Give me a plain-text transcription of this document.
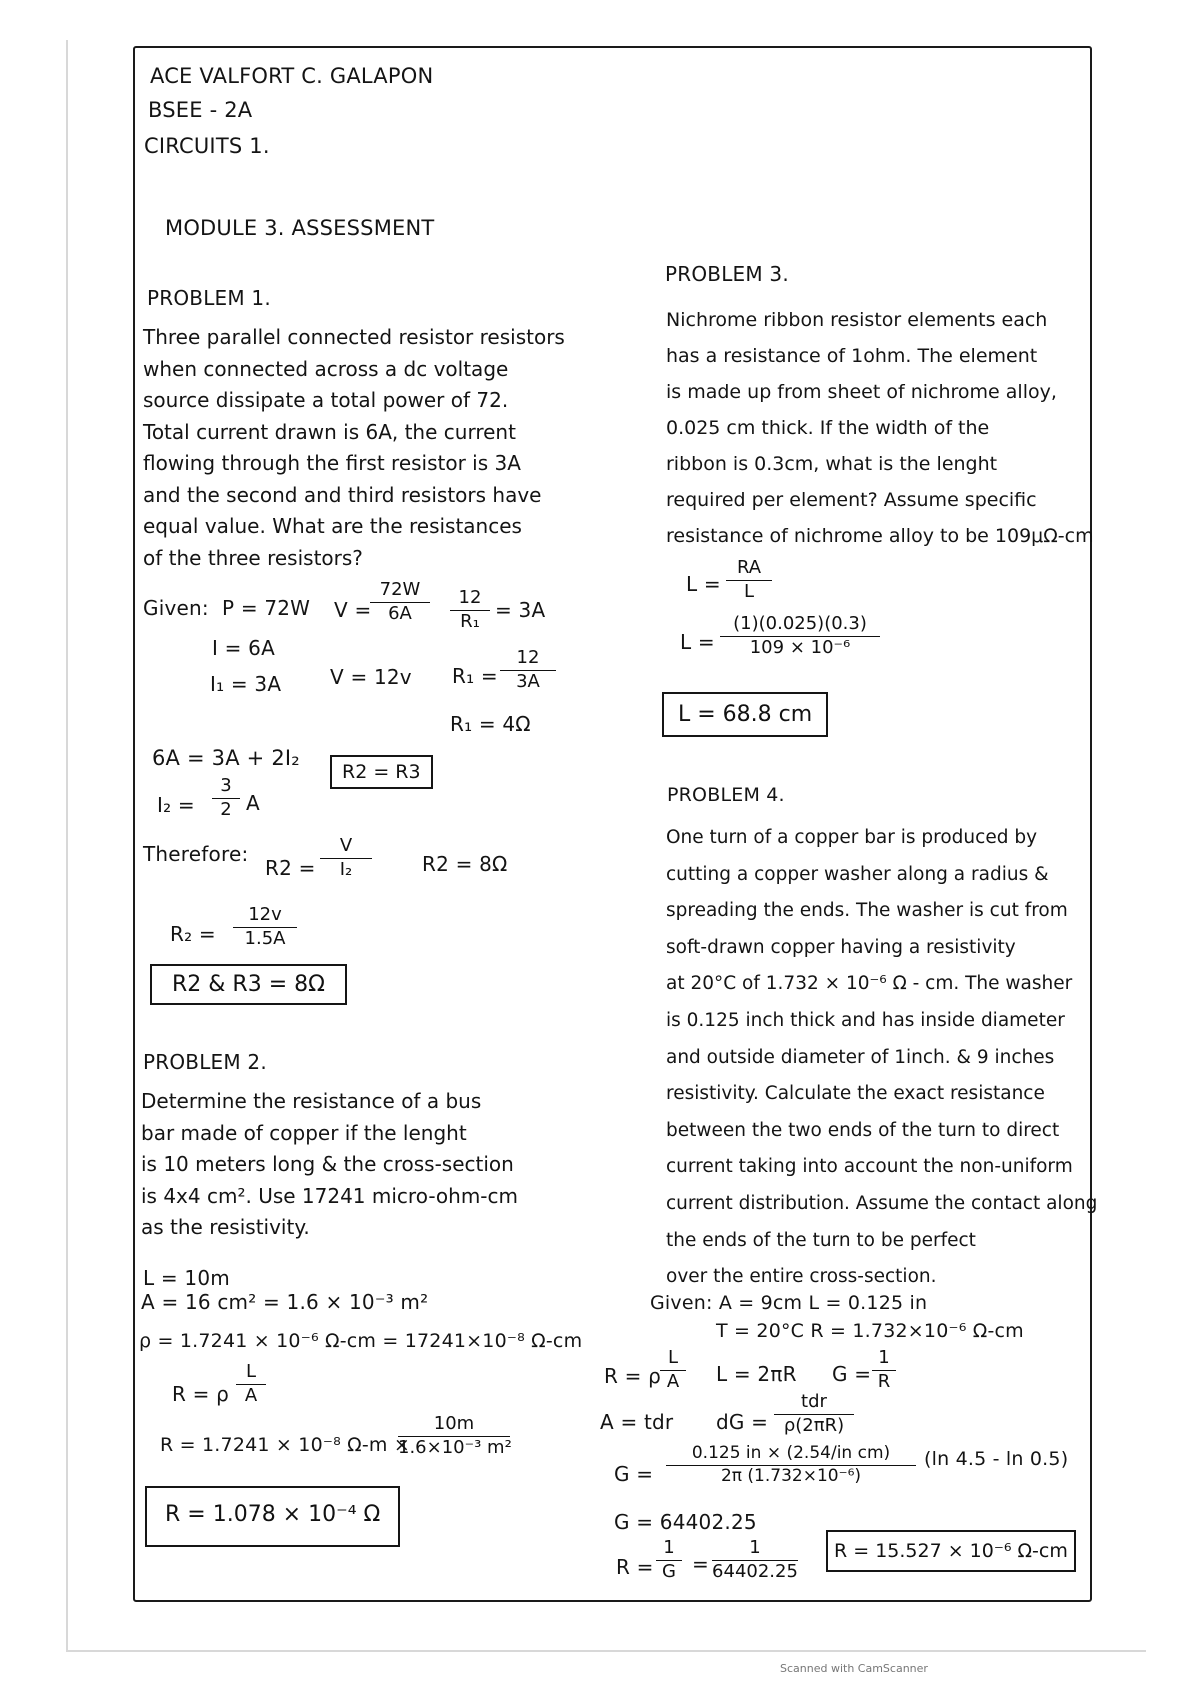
ACE VALFORT C. GALAPON
BSEE - 2A
CIRCUITS 1.
MODULE 3. ASSESSMENT
PROBLEM 1.
Three parallel connected resistor resistors
when connected across a dc voltage
source dissipate a total power of 72.
Total current drawn is 6A, the current
flowing through the first resistor is 3A
and the second and third resistors have
equal value. What are the resistances
of the three resistors?
Given: P = 72W
I = 6A
I₁ = 3A
V =
$\frac{72W}{6A}$
V = 12v
$\frac{12}{\text{R₁}} = 3A$
$R_1 = \frac{12}{3A}$
R₁ = 4Ω
6A = 3A + 2I₂
$I_2 = \frac{3}{2}$ A
R2 = R3
Therefore:
$R2 = \frac{V}{\text{I₂}}$	R2 = 8Ω
$R_2 = \frac{12v}{1.5A}$
R2 & R3 = 8Ω
PROBLEM 2.
Determine the resistance of a bus
bar made of copper if the lenght
is 10 meters long & the cross-section
is 4x4 cm². Use 17241 micro-ohm-cm
as the resistivity.
L = 10m
A = 16 cm² = 1.6 × 10⁻³ m²
ρ = 1.7241 × 10⁻⁶ Ω-cm = 17241×10⁻⁸ Ω-cm
R = ρ $\frac{L}{A}$
R = 1.7241 × 10⁻⁸ Ω-m ×
$\frac{10m}{\text{1.6×10⁻³ m²}}$
R = 1.078 × 10⁻⁴ Ω
PROBLEM 3.
Nichrome ribbon resistor elements each
has a resistance of 1ohm. The element
is made up from sheet of nichrome alloy,
0.025 cm thick. If the width of the
ribbon is 0.3cm, what is the lenght
required per element? Assume specific
resistance of nichrome alloy to be 109μΩ-cm
$L = \frac{RA}{L}$
$L = \frac{(1)(0.025)(0.3)}{\text{109 × 10⁻⁶}}$
L = 68.8 cm
PROBLEM 4.
One turn of a copper bar is produced by
cutting a copper washer along a radius &
spreading the ends. The washer is cut from
soft-drawn copper having a resistivity
at 20°C of 1.732 × 10⁻⁶ Ω - cm. The washer
is 0.125 inch thick and has inside diameter
and outside diameter of 1inch. & 9 inches
resistivity. Calculate the exact resistance
between the two ends of the turn to direct
current taking into account the non-uniform
current distribution. Assume the contact along
the ends of the turn to be perfect
over the entire cross-section.
Given: A = 9cm L = 0.125 in
T = 20°C R = 1.732×10⁻⁶ Ω-cm
R = ρ
$\frac{L}{A}$ L = 2πR $G = \frac{1}{R}$
A = tdr dG =
tdr
ρ(2πR)
$G = \frac{\text{0.125 in × (2.54/in cm)}}{\text{2π (1.732×10⁻⁶)}} (\ln$ 4.5 - ln 0.5)
G = 64402.25
$R = \frac{1}{G} = \frac{1}{64402.25}$	R = 15.527 × 10⁻⁶ Ω-cm
Scanned with CamScanner
